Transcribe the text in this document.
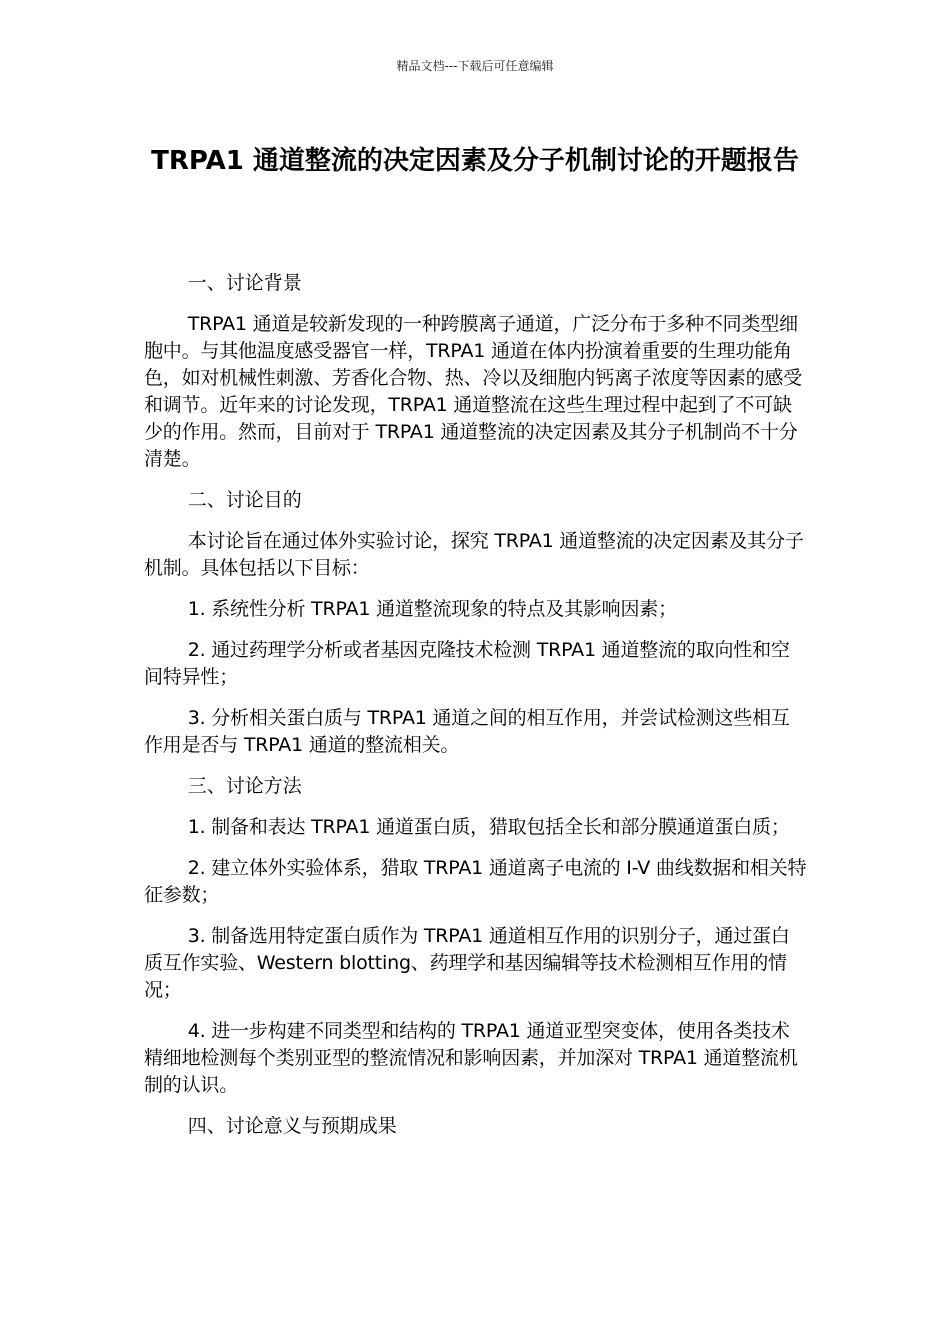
精品文档---下载后可任意编辑
TRPA1 通道整流的决定因素及分子机制讨论的开题报告

一、讨论背景

TRPA1 通道是较新发现的一种跨膜离子通道，广泛分布于多种不同类型细胞中。与其他温度感受器官一样，TRPA1 通道在体内扮演着重要的生理功能角色，如对机械性刺激、芳香化合物、热、冷以及细胞内钙离子浓度等因素的感受和调节。近年来的讨论发现，TRPA1 通道整流在这些生理过程中起到了不可缺少的作用。然而，目前对于 TRPA1 通道整流的决定因素及其分子机制尚不十分清楚。

二、讨论目的

本讨论旨在通过体外实验讨论，探究 TRPA1 通道整流的决定因素及其分子机制。具体包括以下目标：

1. 系统性分析 TRPA1 通道整流现象的特点及其影响因素；

2. 通过药理学分析或者基因克隆技术检测 TRPA1 通道整流的取向性和空间特异性；

3. 分析相关蛋白质与 TRPA1 通道之间的相互作用，并尝试检测这些相互作用是否与 TRPA1 通道的整流相关。

三、讨论方法

1. 制备和表达 TRPA1 通道蛋白质，猎取包括全长和部分膜通道蛋白质；

2. 建立体外实验体系，猎取 TRPA1 通道离子电流的 I-V 曲线数据和相关特征参数；

3. 制备选用特定蛋白质作为 TRPA1 通道相互作用的识别分子，通过蛋白质互作实验、Western blotting、药理学和基因编辑等技术检测相互作用的情况；

4. 进一步构建不同类型和结构的 TRPA1 通道亚型突变体，使用各类技术精细地检测每个类别亚型的整流情况和影响因素，并加深对 TRPA1 通道整流机制的认识。

四、讨论意义与预期成果
